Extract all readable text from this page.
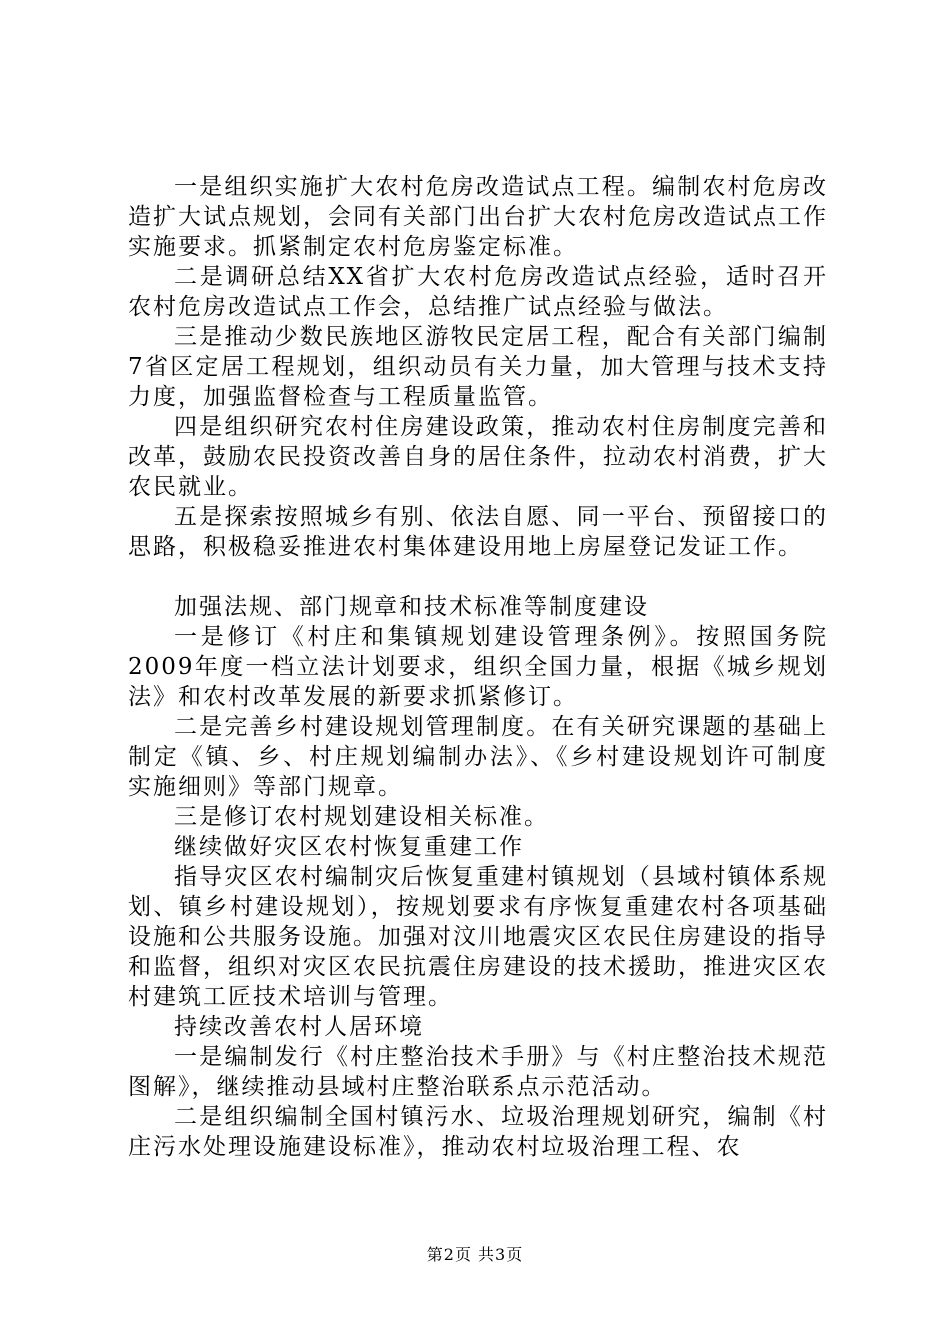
一是组织实施扩大农村危房改造试点工程。编制农村危房改造扩大试点规划，会同有关部门出台扩大农村危房改造试点工作实施要求。抓紧制定农村危房鉴定标准。

二是调研总结XX省扩大农村危房改造试点经验，适时召开农村危房改造试点工作会，总结推广试点经验与做法。

三是推动少数民族地区游牧民定居工程，配合有关部门编制7省区定居工程规划，组织动员有关力量，加大管理与技术支持力度，加强监督检查与工程质量监管。

四是组织研究农村住房建设政策，推动农村住房制度完善和改革，鼓励农民投资改善自身的居住条件，拉动农村消费，扩大农民就业。

五是探索按照城乡有别、依法自愿、同一平台、预留接口的思路，积极稳妥推进农村集体建设用地上房屋登记发证工作。

加强法规、部门规章和技术标准等制度建设

一是修订《村庄和集镇规划建设管理条例》。按照国务院2009年度一档立法计划要求，组织全国力量，根据《城乡规划法》和农村改革发展的新要求抓紧修订。

二是完善乡村建设规划管理制度。在有关研究课题的基础上制定《镇、乡、村庄规划编制办法》、《乡村建设规划许可制度实施细则》等部门规章。

三是修订农村规划建设相关标准。

继续做好灾区农村恢复重建工作

指导灾区农村编制灾后恢复重建村镇规划（县域村镇体系规划、镇乡村建设规划），按规划要求有序恢复重建农村各项基础设施和公共服务设施。加强对汶川地震灾区农民住房建设的指导和监督，组织对灾区农民抗震住房建设的技术援助，推进灾区农村建筑工匠技术培训与管理。

持续改善农村人居环境

一是编制发行《村庄整治技术手册》与《村庄整治技术规范图解》，继续推动县域村庄整治联系点示范活动。

二是组织编制全国村镇污水、垃圾治理规划研究，编制《村庄污水处理设施建设标准》，推动农村垃圾治理工程、农

第2页 共3页
